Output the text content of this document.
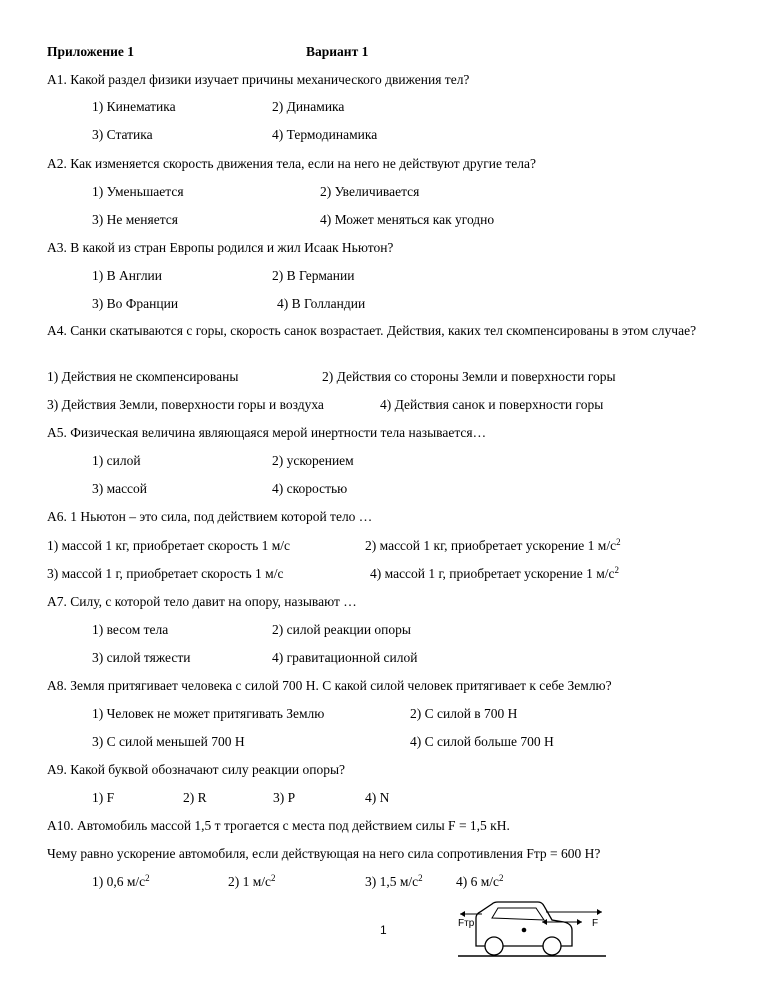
Приложение 1	Вариант 1
А1. Какой раздел физики изучает причины механического движения тел?
1) Кинематика	2) Динамика
3) Статика	4) Термодинамика
А2. Как изменяется скорость движения тела, если на него не действуют другие тела?
1) Уменьшается	2) Увеличивается
3) Не меняется	4) Может меняться как угодно
А3. В какой из стран Европы родился и жил Исаак Ньютон?
1) В Англии	2) В Германии
3) Во Франции	4) В Голландии
А4. Санки скатываются с горы, скорость санок возрастает. Действия, каких тел скомпенсированы в этом случае?
1) Действия не скомпенсированы	2) Действия со стороны Земли и поверхности горы
3) Действия Земли, поверхности горы и воздуха	4) Действия санок и поверхности горы
А5. Физическая величина являющаяся мерой инертности тела называется…
1) силой	2) ускорением
3) массой	4) скоростью
А6. 1 Ньютон – это сила, под действием которой тело …
1) массой 1 кг, приобретает скорость 1 м/с	2) массой 1 кг, приобретает ускорение 1 $м/с^2$
3) массой 1 г, приобретает скорость 1 м/с	4) массой 1 г, приобретает ускорение 1 $м/с^2$
А7. Силу, с которой тело давит на опору, называют …
1) весом тела	2) силой реакции опоры
3) силой тяжести	4) гравитационной силой
А8. Земля притягивает человека с силой 700 Н. С какой силой человек притягивает к себе Землю?
1) Человек не может притягивать Землю	2) С силой в 700 Н
3) С силой меньшей 700 Н	4) С силой больше 700 Н
А9. Какой буквой обозначают силу реакции опоры?
1) F	2) R	3) P	4) N
А10. Автомобиль массой 1,5 т трогается с места под действием силы F = 1,5 кН.
Чему равно ускорение автомобиля, если действующая на него сила сопротивления Fтр = 600 Н?
1) 0,6 $м/с^2$	2) 1 $м/с^2$	3) 1,5 $м/с^2$ 4) 6 $м/с^2$
1	Fтр	F
